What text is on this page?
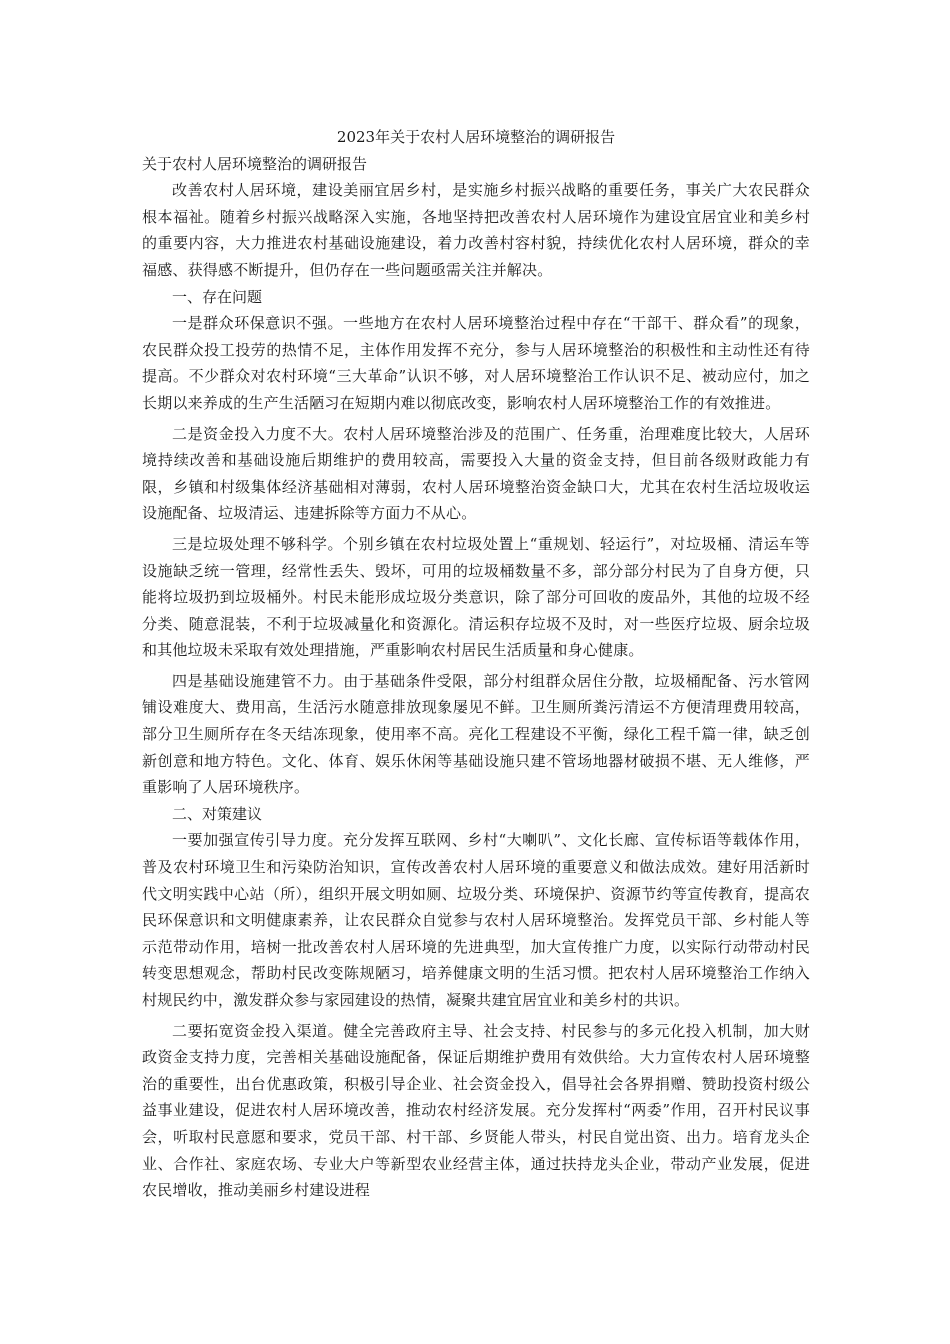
2023年关于农村人居环境整治的调研报告

关于农村人居环境整治的调研报告

改善农村人居环境，建设美丽宜居乡村，是实施乡村振兴战略的重要任务，事关广大农民群众根本福祉。随着乡村振兴战略深入实施，各地坚持把改善农村人居环境作为建设宜居宜业和美乡村的重要内容，大力推进农村基础设施建设，着力改善村容村貌，持续优化农村人居环境，群众的幸福感、获得感不断提升，但仍存在一些问题亟需关注并解决。

一、存在问题

一是群众环保意识不强。一些地方在农村人居环境整治过程中存在“干部干、群众看”的现象，农民群众投工投劳的热情不足，主体作用发挥不充分，参与人居环境整治的积极性和主动性还有待提高。不少群众对农村环境“三大革命”认识不够，对人居环境整治工作认识不足、被动应付，加之长期以来养成的生产生活陋习在短期内难以彻底改变，影响农村人居环境整治工作的有效推进。

二是资金投入力度不大。农村人居环境整治涉及的范围广、任务重，治理难度比较大，人居环境持续改善和基础设施后期维护的费用较高，需要投入大量的资金支持，但目前各级财政能力有限，乡镇和村级集体经济基础相对薄弱，农村人居环境整治资金缺口大，尤其在农村生活垃圾收运设施配备、垃圾清运、违建拆除等方面力不从心。

三是垃圾处理不够科学。个别乡镇在农村垃圾处置上“重规划、轻运行”，对垃圾桶、清运车等设施缺乏统一管理，经常性丢失、毁坏，可用的垃圾桶数量不多，部分部分村民为了自身方便，只能将垃圾扔到垃圾桶外。村民未能形成垃圾分类意识，除了部分可回收的废品外，其他的垃圾不经分类、随意混装，不利于垃圾减量化和资源化。清运积存垃圾不及时，对一些医疗垃圾、厨余垃圾和其他垃圾未采取有效处理措施，严重影响农村居民生活质量和身心健康。

四是基础设施建管不力。由于基础条件受限，部分村组群众居住分散，垃圾桶配备、污水管网铺设难度大、费用高，生活污水随意排放现象屡见不鲜。卫生厕所粪污清运不方便清理费用较高，部分卫生厕所存在冬天结冻现象，使用率不高。亮化工程建设不平衡，绿化工程千篇一律，缺乏创新创意和地方特色。文化、体育、娱乐休闲等基础设施只建不管场地器材破损不堪、无人维修，严重影响了人居环境秩序。

二、对策建议

一要加强宣传引导力度。充分发挥互联网、乡村“大喇叭”、文化长廊、宣传标语等载体作用，普及农村环境卫生和污染防治知识，宣传改善农村人居环境的重要意义和做法成效。建好用活新时代文明实践中心站（所），组织开展文明如厕、垃圾分类、环境保护、资源节约等宣传教育，提高农民环保意识和文明健康素养，让农民群众自觉参与农村人居环境整治。发挥党员干部、乡村能人等示范带动作用，培树一批改善农村人居环境的先进典型，加大宣传推广力度，以实际行动带动村民转变思想观念，帮助村民改变陈规陋习，培养健康文明的生活习惯。把农村人居环境整治工作纳入村规民约中，激发群众参与家园建设的热情，凝聚共建宜居宜业和美乡村的共识。

二要拓宽资金投入渠道。健全完善政府主导、社会支持、村民参与的多元化投入机制，加大财政资金支持力度，完善相关基础设施配备，保证后期维护费用有效供给。大力宣传农村人居环境整治的重要性，出台优惠政策，积极引导企业、社会资金投入，倡导社会各界捐赠、赞助投资村级公益事业建设，促进农村人居环境改善，推动农村经济发展。充分发挥村“两委”作用，召开村民议事会，听取村民意愿和要求，党员干部、村干部、乡贤能人带头，村民自觉出资、出力。培育龙头企业、合作社、家庭农场、专业大户等新型农业经营主体，通过扶持龙头企业，带动产业发展，促进农民增收，推动美丽乡村建设进程
